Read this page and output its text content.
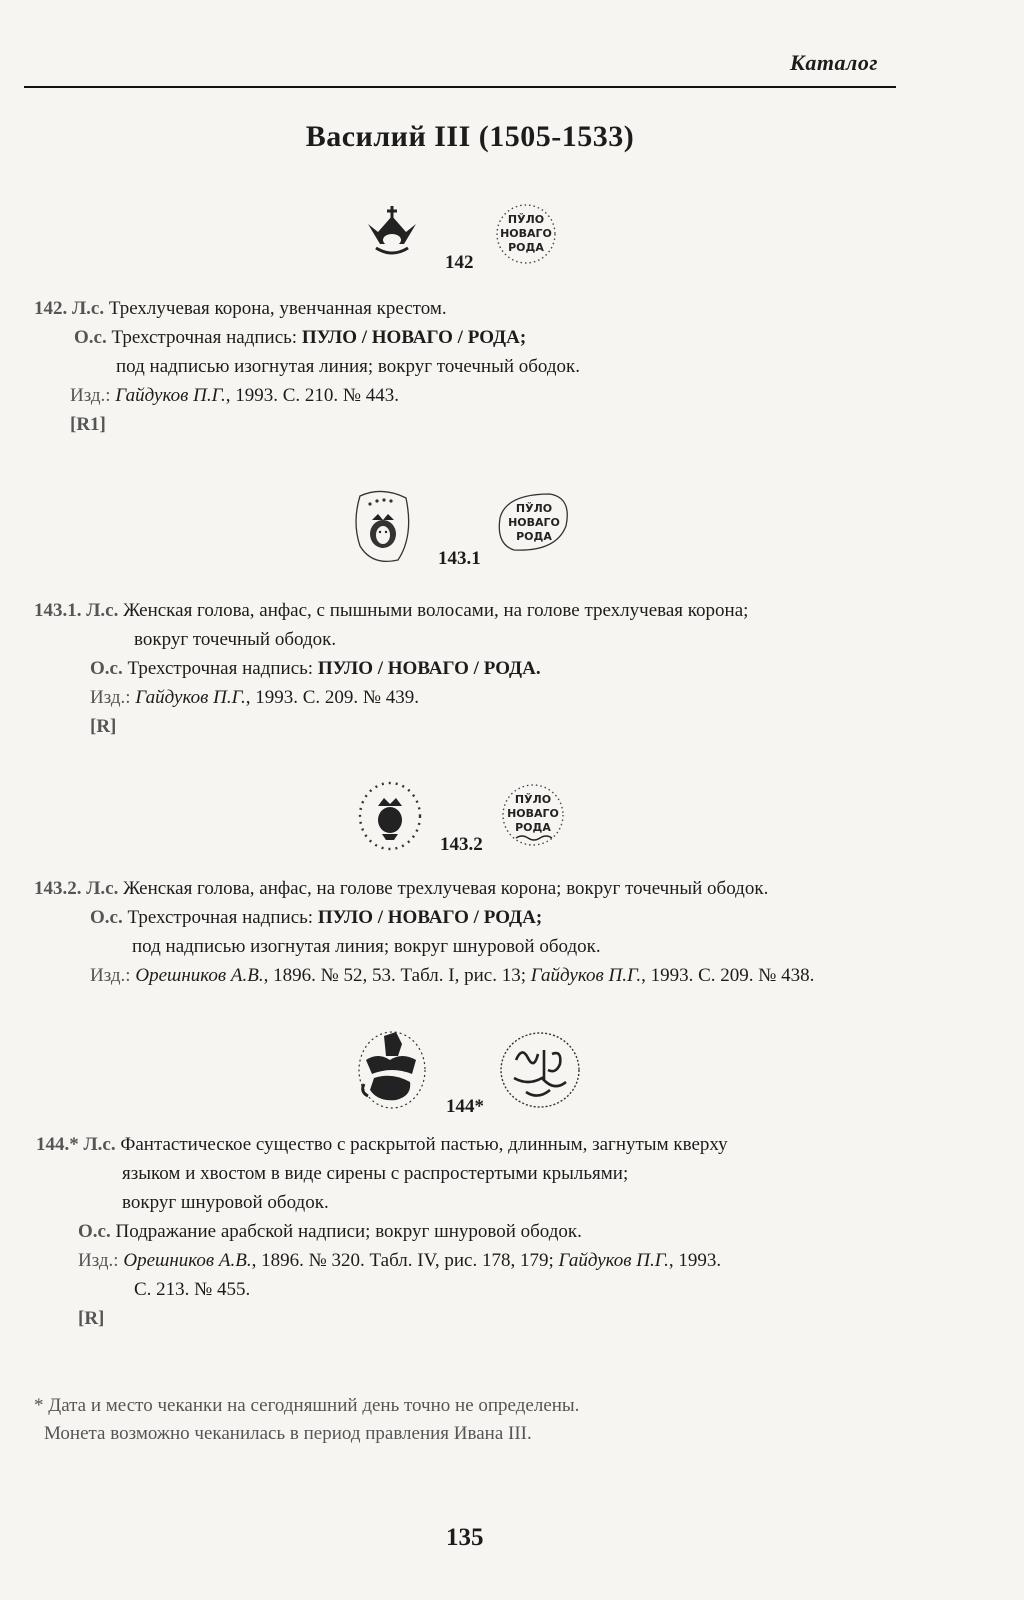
Каталог
Василий III (1505-1533)
ПЎЛО
НОВАГО
РОДА
142
142. Л.с. Трехлучевая корона, увенчанная крестом.
О.с. Трехстрочная надпись: ПУЛО / НОВАГО / РОДА;
под надписью изогнутая линия; вокруг точечный ободок.
Изд.: Гайдуков П.Г., 1993. С. 210. № 443.
[R1]
ПЎЛО
НОВАГО
РОДА
143.1
143.1. Л.с. Женская голова, анфас, с пышными волосами, на голове трехлучевая корона;
вокруг точечный ободок.
О.с. Трехстрочная надпись: ПУЛО / НОВАГО / РОДА.
Изд.: Гайдуков П.Г., 1993. С. 209. № 439.
[R]
ПЎЛО
НОВАГО
РОДА
143.2
143.2. Л.с. Женская голова, анфас, на голове трехлучевая корона; вокруг точечный ободок.
О.с. Трехстрочная надпись: ПУЛО / НОВАГО / РОДА;
под надписью изогнутая линия; вокруг шнуровой ободок.
Изд.: Орешников А.В., 1896. № 52, 53. Табл. I, рис. 13; Гайдуков П.Г., 1993. С. 209. № 438.
144*
144.* Л.с. Фантастическое существо с раскрытой пастью, длинным, загнутым кверху
языком и хвостом в виде сирены с распростертыми крыльями;
вокруг шнуровой ободок.
О.с. Подражание арабской надписи; вокруг шнуровой ободок.
Изд.: Орешников А.В., 1896. № 320. Табл. IV, рис. 178, 179; Гайдуков П.Г., 1993.
С. 213. № 455.
[R]
* Дата и место чеканки на сегодняшний день точно не определены.
Монета возможно чеканилась в период правления Ивана III.
135
